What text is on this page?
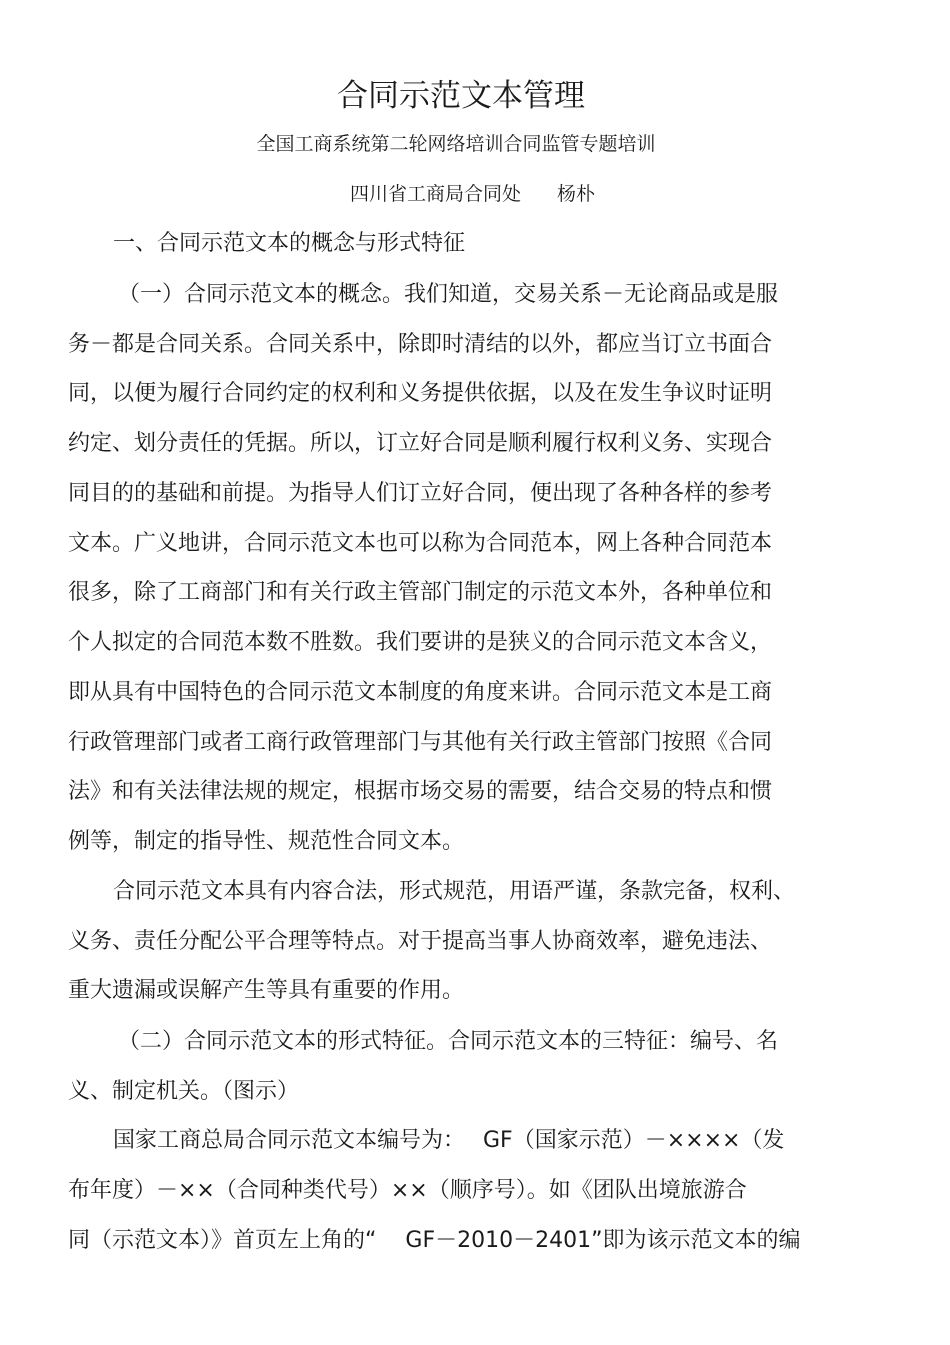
合同示范文本管理
全国工商系统第二轮网络培训合同监管专题培训
四川省工商局合同处 杨朴
一、合同示范文本的概念与形式特征
（一）合同示范文本的概念。我们知道，交易关系－无论商品或是服
务－都是合同关系。合同关系中，除即时清结的以外，都应当订立书面合
同，以便为履行合同约定的权利和义务提供依据，以及在发生争议时证明
约定、划分责任的凭据。所以，订立好合同是顺利履行权利义务、实现合
同目的的基础和前提。为指导人们订立好合同，便出现了各种各样的参考
文本。广义地讲，合同示范文本也可以称为合同范本，网上各种合同范本
很多，除了工商部门和有关行政主管部门制定的示范文本外，各种单位和
个人拟定的合同范本数不胜数。我们要讲的是狭义的合同示范文本含义，
即从具有中国特色的合同示范文本制度的角度来讲。合同示范文本是工商
行政管理部门或者工商行政管理部门与其他有关行政主管部门按照《合同
法》和有关法律法规的规定，根据市场交易的需要，结合交易的特点和惯
例等，制定的指导性、规范性合同文本。
合同示范文本具有内容合法，形式规范，用语严谨，条款完备，权利、
义务、责任分配公平合理等特点。对于提高当事人协商效率，避免违法、
重大遗漏或误解产生等具有重要的作用。
（二）合同示范文本的形式特征。合同示范文本的三特征：编号、名
义、制定机关。（图示）
国家工商总局合同示范文本编号为：　 GF（国家示范）－××××（发
布年度）－××（合同种类代号）××（顺序号）。如《团队出境旅游合
同（示范文本）》首页左上角的“　 GF－2010－2401”即为该示范文本的编
